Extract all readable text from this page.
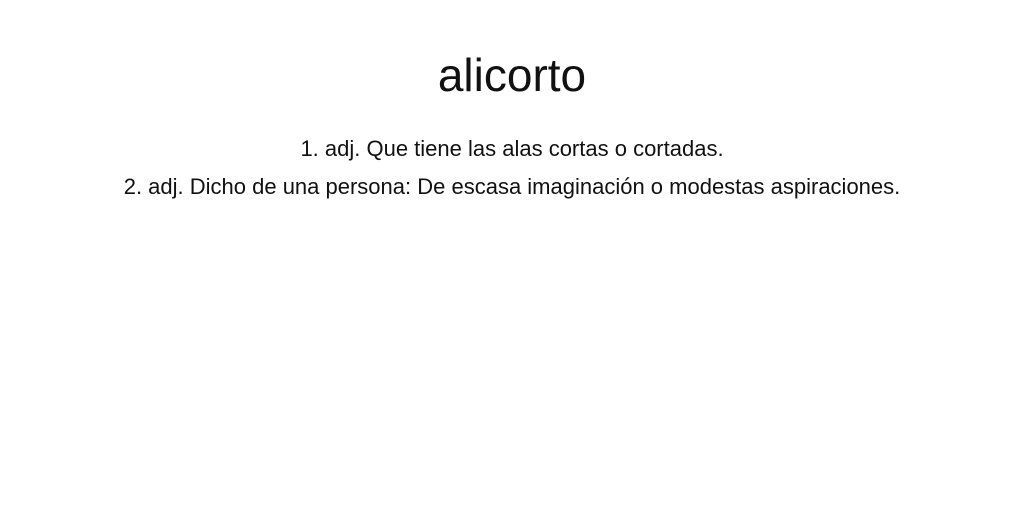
alicorto
1. adj. Que tiene las alas cortas o cortadas.
2. adj. Dicho de una persona: De escasa imaginación o modestas aspiraciones.
